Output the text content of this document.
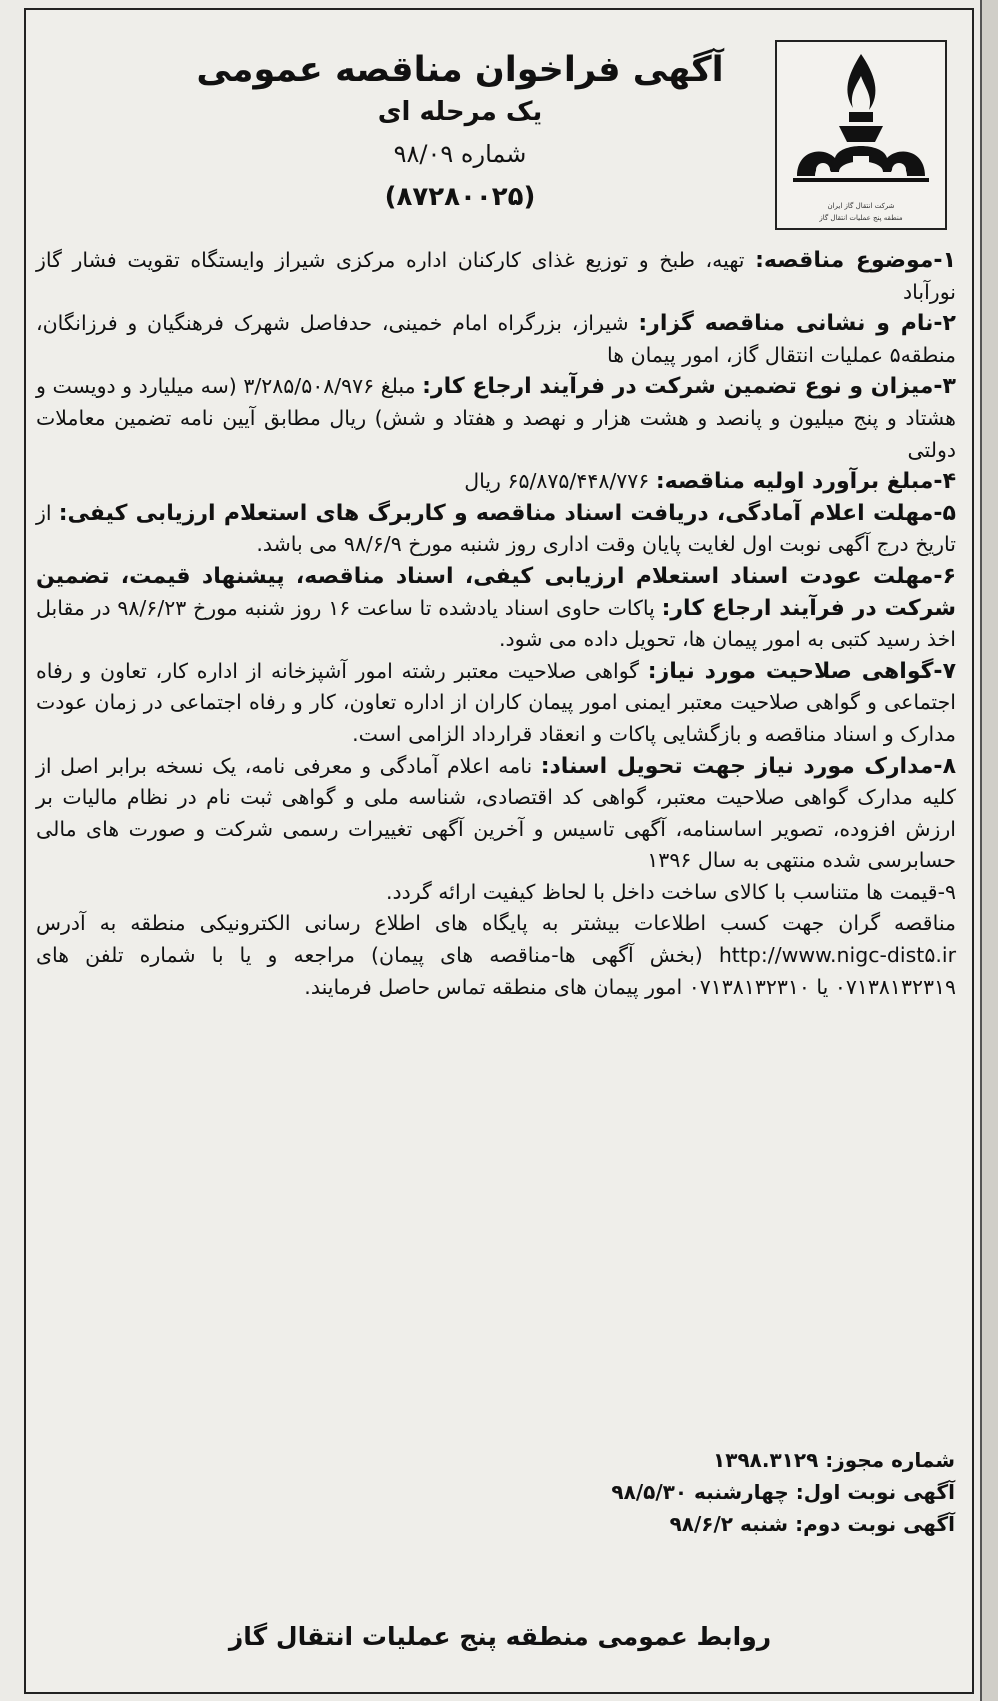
شرکت انتقال گاز ایران
منطقه پنج عملیات انتقال گاز
آگهی فراخوان مناقصه عمومی
یک مرحله ای
شماره ۹۸/۰۹
(۸۷۲۸۰۰۲۵)

۱-موضوع مناقصه: تهیه، طبخ و توزیع غذای کارکنان اداره مرکزی شیراز وایستگاه تقویت فشار گاز نورآباد

۲-نام و نشانی مناقصه گزار: شیراز، بزرگراه امام خمینی، حدفاصل شهرک فرهنگیان و فرزانگان، منطقه۵ عملیات انتقال گاز، امور پیمان ها

۳-میزان و نوع تضمین شرکت در فرآیند ارجاع کار: مبلغ ۳/۲۸۵/۵۰۸/۹۷۶ (سه میلیارد و دویست و هشتاد و پنج میلیون و پانصد و هشت هزار و نهصد و هفتاد و شش) ریال مطابق آیین نامه تضمین معاملات دولتی

۴-مبلغ برآورد اولیه مناقصه: ۶۵/۸۷۵/۴۴۸/۷۷۶ ریال

۵-مهلت اعلام آمادگی، دریافت اسناد مناقصه و کاربرگ های استعلام ارزیابی کیفی: از تاریخ درج آگهی نوبت اول لغایت پایان وقت اداری روز شنبه مورخ ۹۸/۶/۹ می باشد.

۶-مهلت عودت اسناد استعلام ارزیابی کیفی، اسناد مناقصه، پیشنهاد قیمت، تضمین شرکت در فرآیند ارجاع کار: پاکات حاوی اسناد یادشده تا ساعت ۱۶ روز شنبه مورخ ۹۸/۶/۲۳ در مقابل اخذ رسید کتبی به امور پیمان ها، تحویل داده می شود.

۷-گواهی صلاحیت مورد نیاز: گواهی صلاحیت معتبر رشته امور آشپزخانه از اداره کار، تعاون و رفاه اجتماعی و گواهی صلاحیت معتبر ایمنی امور پیمان کاران از اداره تعاون، کار و رفاه اجتماعی در زمان عودت مدارک و اسناد مناقصه و بازگشایی پاکات و انعقاد قرارداد الزامی است.

۸-مدارک مورد نیاز جهت تحویل اسناد: نامه اعلام آمادگی و معرفی نامه، یک نسخه برابر اصل از کلیه مدارک گواهی صلاحیت معتبر، گواهی کد اقتصادی، شناسه ملی و گواهی ثبت نام در نظام مالیات بر ارزش افزوده، تصویر اساسنامه، آگهی تاسیس و آخرین آگهی تغییرات رسمی شرکت و صورت های مالی حسابرسی شده منتهی به سال ۱۳۹۶

۹-قیمت ها متناسب با کالای ساخت داخل با لحاظ کیفیت ارائه گردد.

مناقصه گران جهت کسب اطلاعات بیشتر به پایگاه های اطلاع رسانی الکترونیکی منطقه به آدرس http://www.nigc-dist۵.ir (بخش آگهی ها-مناقصه های پیمان) مراجعه و یا با شماره تلفن های ۰۷۱۳۸۱۳۲۳۱۹ یا ۰۷۱۳۸۱۳۲۳۱۰ امور پیمان های منطقه تماس حاصل فرمایند.

شماره مجوز: ۱۳۹۸.۳۱۲۹
آگهی نوبت اول: چهارشنبه ۹۸/۵/۳۰
آگهی نوبت دوم: شنبه ۹۸/۶/۲
روابط عمومی منطقه پنج عملیات انتقال گاز
